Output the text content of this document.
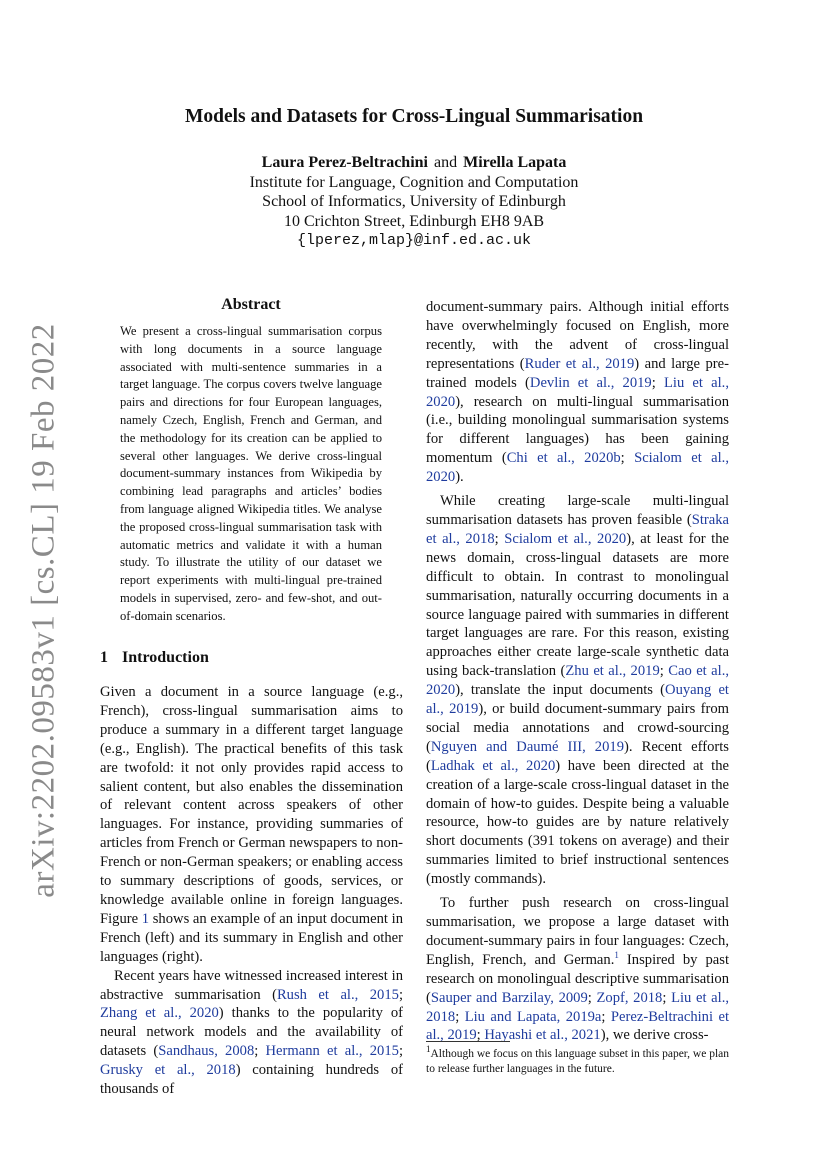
arXiv:2202.09583v1 [cs.CL] 19 Feb 2022
Models and Datasets for Cross-Lingual Summarisation
Laura Perez-Beltrachini and Mirella Lapata
Institute for Language, Cognition and Computation
School of Informatics, University of Edinburgh
10 Crichton Street, Edinburgh EH8 9AB
{lperez,mlap}@inf.ed.ac.uk
Abstract
We present a cross-lingual summarisation corpus with long documents in a source language associated with multi-sentence summaries in a target language. The corpus covers twelve language pairs and directions for four European languages, namely Czech, English, French and German, and the methodology for its creation can be applied to several other languages. We derive cross-lingual document-summary instances from Wikipedia by combining lead paragraphs and articles’ bodies from language aligned Wikipedia titles. We analyse the proposed cross-lingual summarisation task with automatic metrics and validate it with a human study. To illustrate the utility of our dataset we report experiments with multi-lingual pre-trained models in supervised, zero- and few-shot, and out-of-domain scenarios.
1 Introduction

Given a document in a source language (e.g., French), cross-lingual summarisation aims to produce a summary in a different target language (e.g., English). The practical benefits of this task are twofold: it not only provides rapid access to salient content, but also enables the dissemination of relevant content across speakers of other languages. For instance, providing summaries of articles from French or German newspapers to non-French or non-German speakers; or enabling access to summary descriptions of goods, services, or knowledge available online in foreign languages. Figure 1 shows an example of an input document in French (left) and its summary in English and other languages (right).

Recent years have witnessed increased interest in abstractive summarisation (Rush et al., 2015; Zhang et al., 2020) thanks to the popularity of neural network models and the availability of datasets (Sandhaus, 2008; Hermann et al., 2015; Grusky et al., 2018) containing hundreds of thousands of

document-summary pairs. Although initial efforts have overwhelmingly focused on English, more recently, with the advent of cross-lingual representations (Ruder et al., 2019) and large pre-trained models (Devlin et al., 2019; Liu et al., 2020), research on multi-lingual summarisation (i.e., building monolingual summarisation systems for different languages) has been gaining momentum (Chi et al., 2020b; Scialom et al., 2020).

While creating large-scale multi-lingual summarisation datasets has proven feasible (Straka et al., 2018; Scialom et al., 2020), at least for the news domain, cross-lingual datasets are more difficult to obtain. In contrast to monolingual summarisation, naturally occurring documents in a source language paired with summaries in different target languages are rare. For this reason, existing approaches either create large-scale synthetic data using back-translation (Zhu et al., 2019; Cao et al., 2020), translate the input documents (Ouyang et al., 2019), or build document-summary pairs from social media annotations and crowd-sourcing (Nguyen and Daumé III, 2019). Recent efforts (Ladhak et al., 2020) have been directed at the creation of a large-scale cross-lingual dataset in the domain of how-to guides. Despite being a valuable resource, how-to guides are by nature relatively short documents (391 tokens on average) and their summaries limited to brief instructional sentences (mostly commands).

To further push research on cross-lingual summarisation, we propose a large dataset with document-summary pairs in four languages: Czech, English, French, and German.$^1$ Inspired by past research on monolingual descriptive summarisation (Sauper and Barzilay, 2009; Zopf, 2018; Liu et al., 2018; Liu and Lapata, 2019a; Perez-Beltrachini et al., 2019; Hayashi et al., 2021), we derive cross-

$^1$Although we focus on this language subset in this paper, we plan to release further languages in the future.
